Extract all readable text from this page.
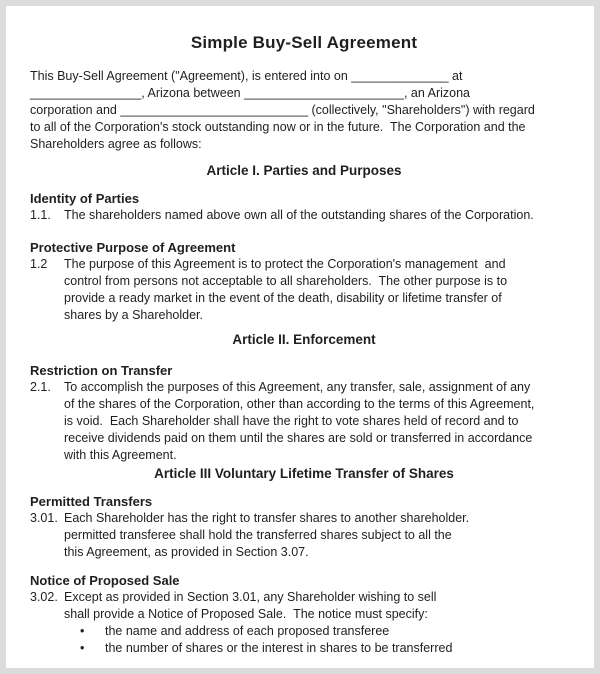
Simple Buy-Sell Agreement
This Buy-Sell Agreement ("Agreement), is entered into on ______________ at
________________, Arizona between _______________________, an Arizona
corporation and ___________________________ (collectively, "Shareholders") with regard
to all of the Corporation's stock outstanding now or in the future.  The Corporation and the
Shareholders agree as follows:
Article I. Parties and Purposes
Identity of Parties
1.1.	The shareholders named above own all of the outstanding shares of the Corporation.
Protective Purpose of Agreement
1.2	The purpose of this Agreement is to protect the Corporation's management  and
control from persons not acceptable to all shareholders.  The other purpose is to
provide a ready market in the event of the death, disability or lifetime transfer of
shares by a Shareholder.
Article II. Enforcement
Restriction on Transfer
2.1.	To accomplish the purposes of this Agreement, any transfer, sale, assignment of any
of the shares of the Corporation, other than according to the terms of this Agreement,
is void.  Each Shareholder shall have the right to vote shares held of record and to
receive dividends paid on them until the shares are sold or transferred in accordance
with this Agreement.
Article III Voluntary Lifetime Transfer of Shares
Permitted Transfers
3.01. Each Shareholder has the right to transfer shares to another shareholder.
permitted transferee shall hold the transferred shares subject to all the
this Agreement, as provided in Section 3.07.
Notice of Proposed Sale
3.02. Except as provided in Section 3.01, any Shareholder wishing to sell
shall provide a Notice of Proposed Sale.  The notice must specify:
•	the name and address of each proposed transferee
•	the number of shares or the interest in shares to be transferred
